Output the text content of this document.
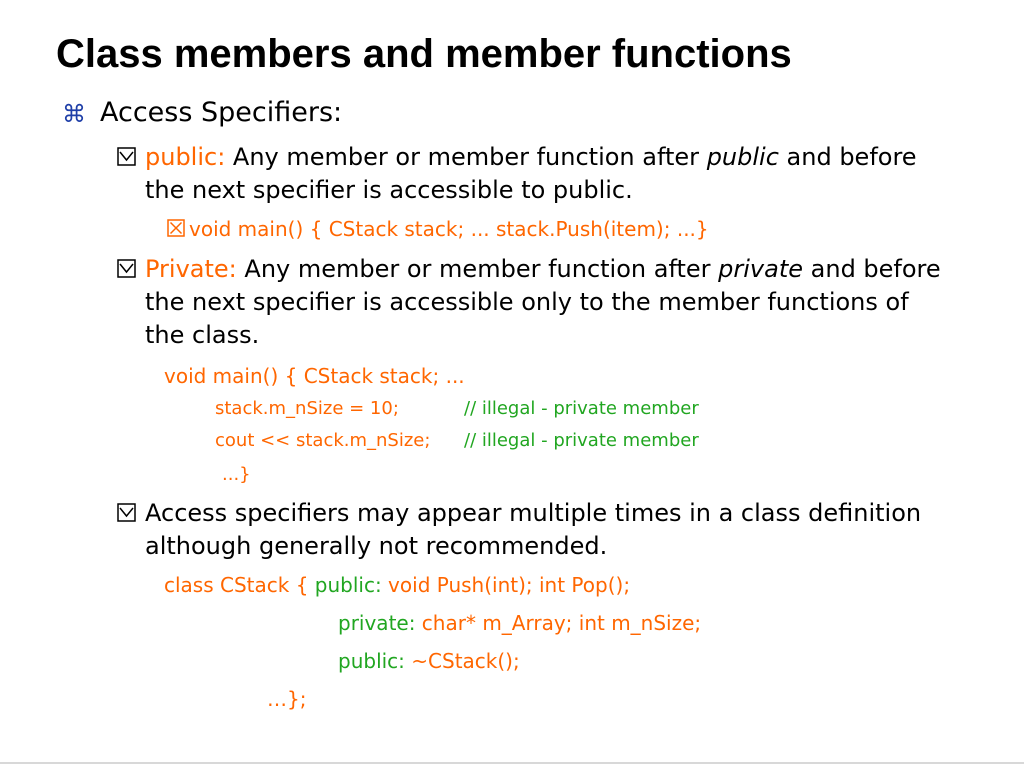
Class members and member functions
⌘ Access Specifiers:
public: Any member or member function after public and before
the next specifier is accessible to public.
void main() { CStack stack; ... stack.Push(item); ...}
Private: Any member or member function after private and before
the next specifier is accessible only to the member functions of
the class.
void main() { CStack stack; ...
stack.m_nSize = 10;	// illegal - private member
cout << stack.m_nSize; // illegal - private member
...}
Access specifiers may appear multiple times in a class definition
although generally not recommended.
class CStack { public: void Push(int); int Pop();
private: char* m_Array; int m_nSize;
public: ~CStack();
…};
